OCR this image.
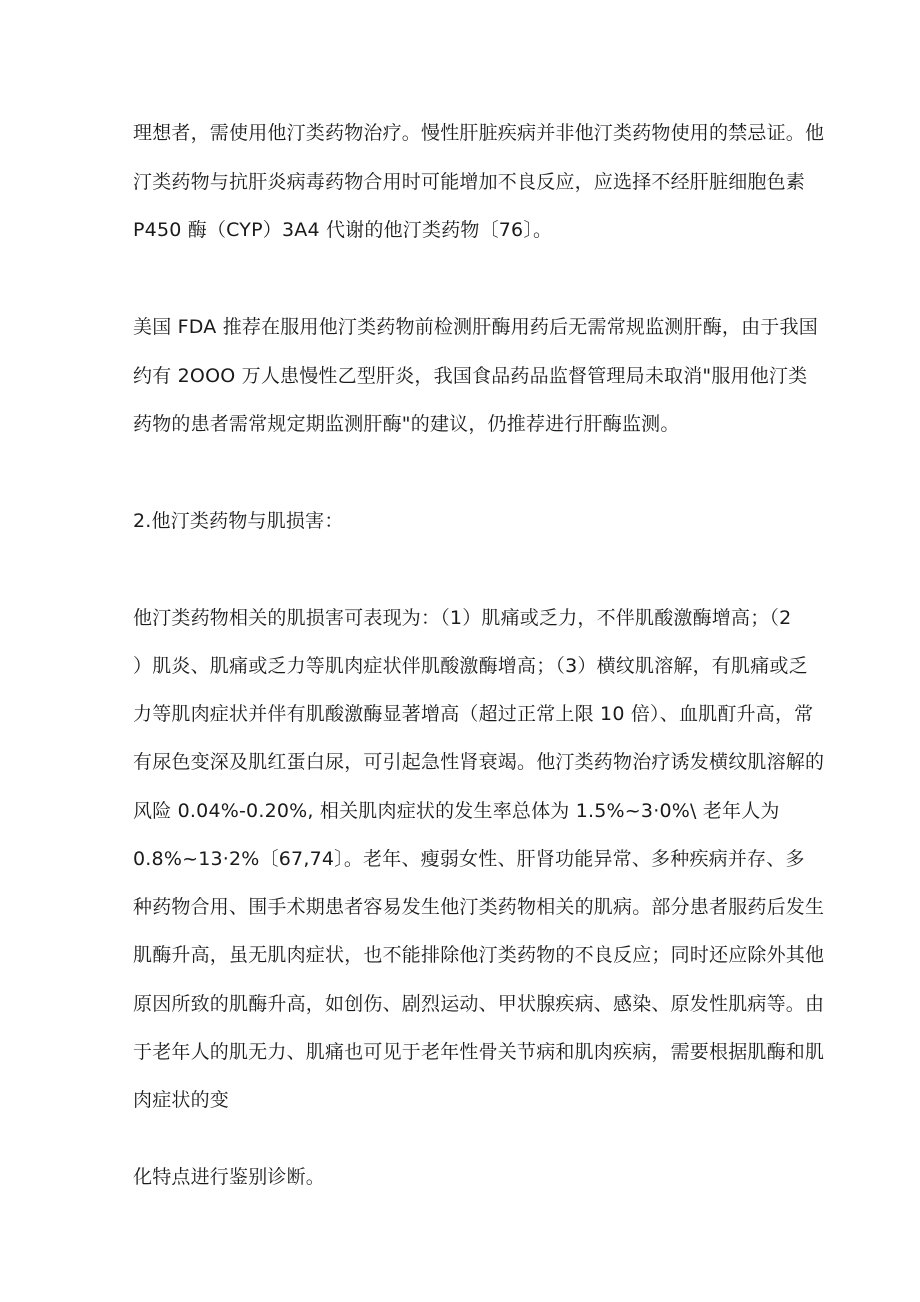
理想者，需使用他汀类药物治疗。慢性肝脏疾病并非他汀类药物使用的禁忌证。他
汀类药物与抗肝炎病毒药物合用时可能增加不良反应，应选择不经肝脏细胞色素
P450 酶（CYP）3A4 代谢的他汀类药物〔76〕。
美国 FDA 推荐在服用他汀类药物前检测肝酶用药后无需常规监测肝酶，由于我国
约有 2OOO 万人患慢性乙型肝炎，我国食品药品监督管理局未取消"服用他汀类
药物的患者需常规定期监测肝酶"的建议，仍推荐进行肝酶监测。
2.他汀类药物与肌损害：
他汀类药物相关的肌损害可表现为：（1）肌痛或乏力，不伴肌酸激酶增高；（2
）肌炎、肌痛或乏力等肌肉症状伴肌酸激酶增高；（3）横纹肌溶解，有肌痛或乏
力等肌肉症状并伴有肌酸激酶显著增高（超过正常上限 10 倍）、血肌酊升高，常
有尿色变深及肌红蛋白尿，可引起急性肾衰竭。他汀类药物治疗诱发横纹肌溶解的
风险 0.04%-0.20%, 相关肌肉症状的发生率总体为 1.5%~3·0%\ 老年人为
0.8%~13·2%〔67,74〕。老年、瘦弱女性、肝肾功能异常、多种疾病并存、多
种药物合用、围手术期患者容易发生他汀类药物相关的肌病。部分患者服药后发生
肌酶升高，虽无肌肉症状，也不能排除他汀类药物的不良反应；同时还应除外其他
原因所致的肌酶升高，如创伤、剧烈运动、甲状腺疾病、感染、原发性肌病等。由
于老年人的肌无力、肌痛也可见于老年性骨关节病和肌肉疾病，需要根据肌酶和肌
肉症状的变
化特点进行鉴别诊断。
